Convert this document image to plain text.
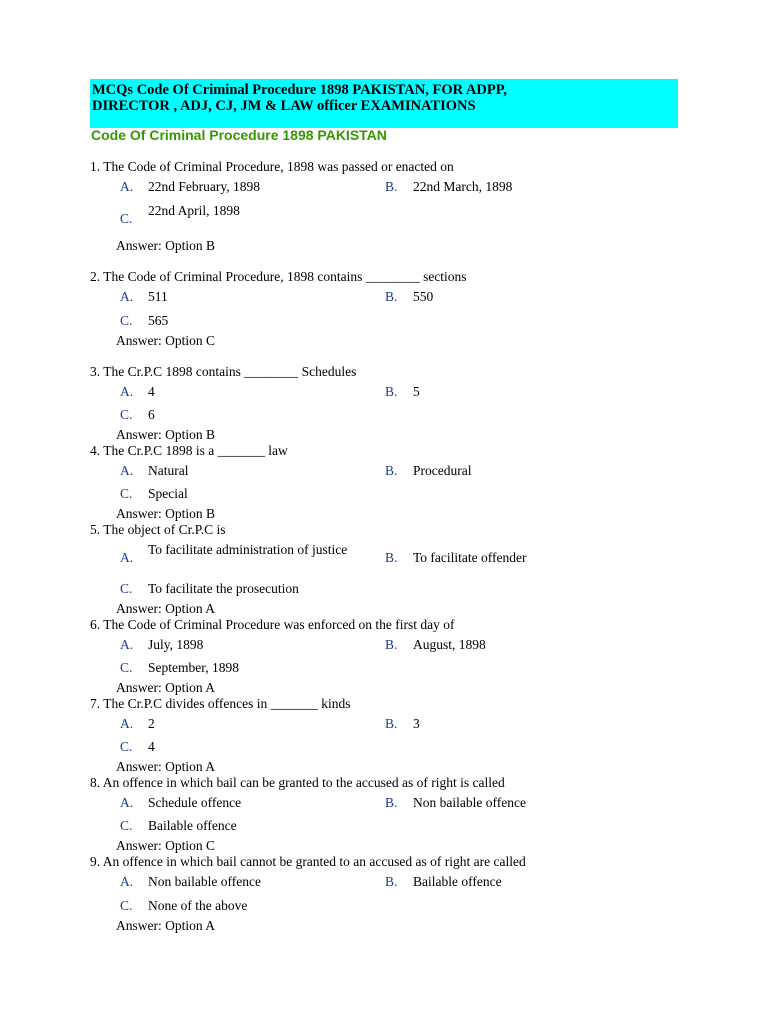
MCQs Code Of Criminal Procedure 1898 PAKISTAN, FOR ADPP,

DIRECTOR , ADJ, CJ, JM & LAW officer EXAMINATIONS

Code Of Criminal Procedure 1898 PAKISTAN
1. The Code of Criminal Procedure, 1898 was passed or enacted on
A. 22nd February, 1898	B. 22nd March, 1898
C.22nd April, 1898
Answer: Option B
2. The Code of Criminal Procedure, 1898 contains ________ sections
A. 511	B. 550
C. 565
Answer: Option C
3. The Cr.P.C 1898 contains ________ Schedules
A. 4	B. 5
C. 6
Answer: Option B
4. The Cr.P.C 1898 is a _______ law
A. Natural	B. Procedural
C. Special
Answer: Option B
5. The object of Cr.P.C is
A.
To facilitate administration of justice
B. To facilitate offender
C. To facilitate the prosecution
Answer: Option A
6. The Code of Criminal Procedure was enforced on the first day of
A. July, 1898	B. August, 1898
C. September, 1898
Answer: Option A
7. The Cr.P.C divides offences in _______ kinds
A. 2	B. 3
C. 4
Answer: Option A
8. An offence in which bail can be granted to the accused as of right is called
A. Schedule offence	B. Non bailable offence
C. Bailable offence
Answer: Option C
9. An offence in which bail cannot be granted to an accused as of right are called
A. Non bailable offence	B. Bailable offence
C. None of the above
Answer: Option A
